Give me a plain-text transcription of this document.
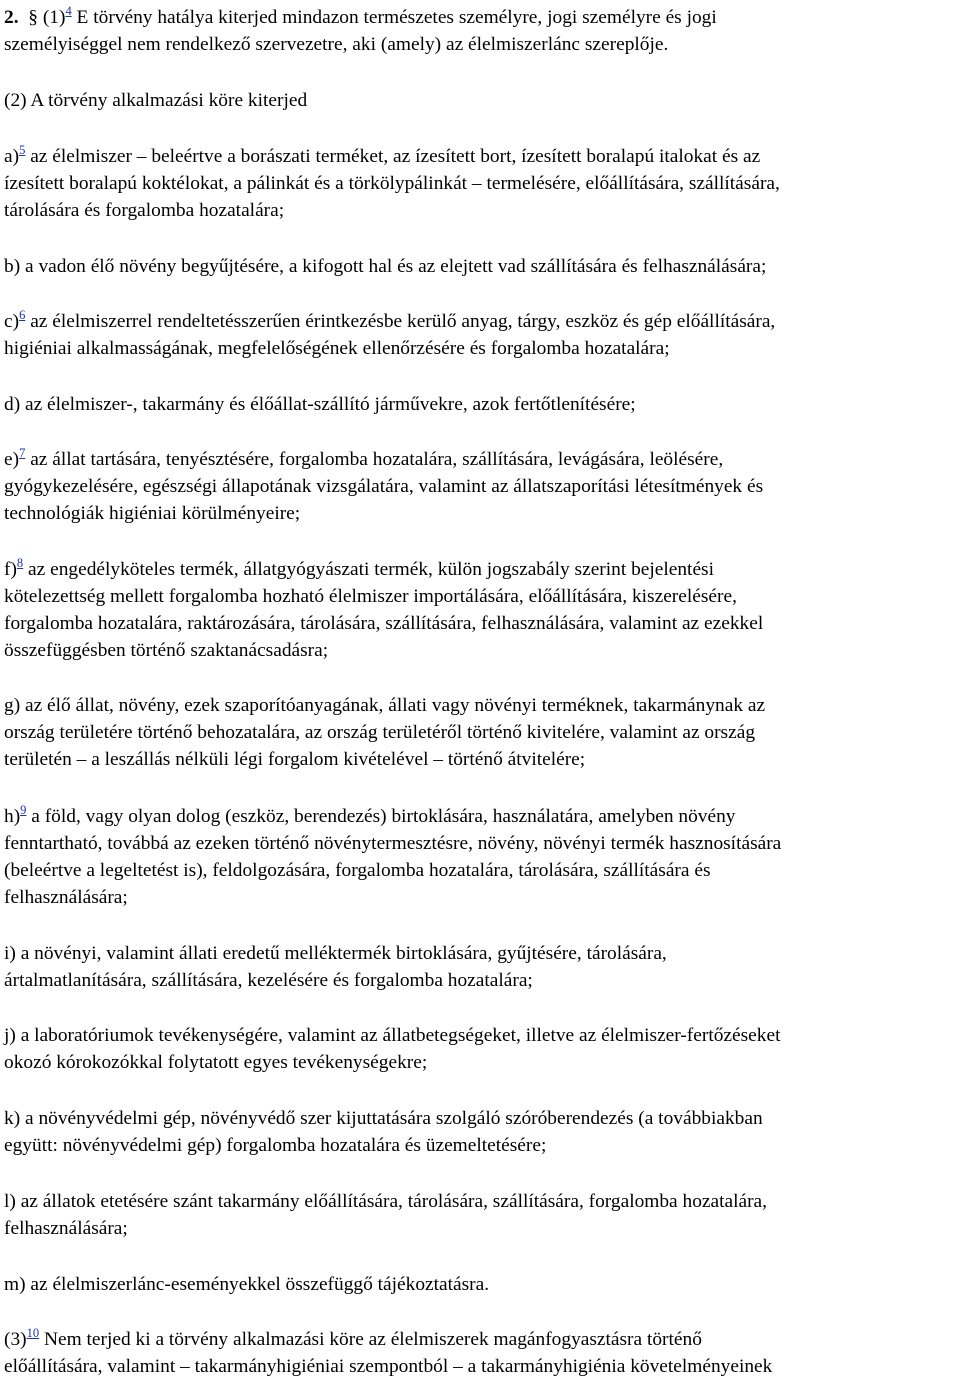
2. § (1)$^4$ E törvény hatálya kiterjed mindazon természetes személyre, jogi személyre és jogi
személyiséggel nem rendelkező szervezetre, aki (amely) az élelmiszerlánc szereplője.
(2) A törvény alkalmazási köre kiterjed
a)$^5$ az élelmiszer – beleértve a borászati terméket, az ízesített bort, ízesített boralapú italokat és az
ízesített boralapú koktélokat, a pálinkát és a törkölypálinkát – termelésére, előállítására, szállítására,
tárolására és forgalomba hozatalára;
b) a vadon élő növény begyűjtésére, a kifogott hal és az elejtett vad szállítására és felhasználására;
c)$^6$ az élelmiszerrel rendeltetésszerűen érintkezésbe kerülő anyag, tárgy, eszköz és gép előállítására,
higiéniai alkalmasságának, megfelelőségének ellenőrzésére és forgalomba hozatalára;
d) az élelmiszer-, takarmány és élőállat-szállító járművekre, azok fertőtlenítésére;
e)$^7$ az állat tartására, tenyésztésére, forgalomba hozatalára, szállítására, levágására, leölésére,
gyógykezelésére, egészségi állapotának vizsgálatára, valamint az állatszaporítási létesítmények és
technológiák higiéniai körülményeire;
f)$^8$ az engedélyköteles termék, állatgyógyászati termék, külön jogszabály szerint bejelentési
kötelezettség mellett forgalomba hozható élelmiszer importálására, előállítására, kiszerelésére,
forgalomba hozatalára, raktározására, tárolására, szállítására, felhasználására, valamint az ezekkel
összefüggésben történő szaktanácsadásra;
g) az élő állat, növény, ezek szaporítóanyagának, állati vagy növényi terméknek, takarmánynak az
ország területére történő behozatalára, az ország területéről történő kivitelére, valamint az ország
területén – a leszállás nélküli légi forgalom kivételével – történő átvitelére;
h)$^9$ a föld, vagy olyan dolog (eszköz, berendezés) birtoklására, használatára, amelyben növény
fenntartható, továbbá az ezeken történő növénytermesztésre, növény, növényi termék hasznosítására
(beleértve a legeltetést is), feldolgozására, forgalomba hozatalára, tárolására, szállítására és
felhasználására;
i) a növényi, valamint állati eredetű melléktermék birtoklására, gyűjtésére, tárolására,
ártalmatlanítására, szállítására, kezelésére és forgalomba hozatalára;
j) a laboratóriumok tevékenységére, valamint az állatbetegségeket, illetve az élelmiszer-fertőzéseket
okozó kórokozókkal folytatott egyes tevékenységekre;
k) a növényvédelmi gép, növényvédő szer kijuttatására szolgáló szóróberendezés (a továbbiakban
együtt: növényvédelmi gép) forgalomba hozatalára és üzemeltetésére;
l) az állatok etetésére szánt takarmány előállítására, tárolására, szállítására, forgalomba hozatalára,
felhasználására;
m) az élelmiszerlánc-eseményekkel összefüggő tájékoztatásra.
(3)$^{10}$ Nem terjed ki a törvény alkalmazási köre az élelmiszerek magánfogyasztásra történő
előállítására, valamint – takarmányhigiéniai szempontból – a takarmányhigiénia követelményeinek
